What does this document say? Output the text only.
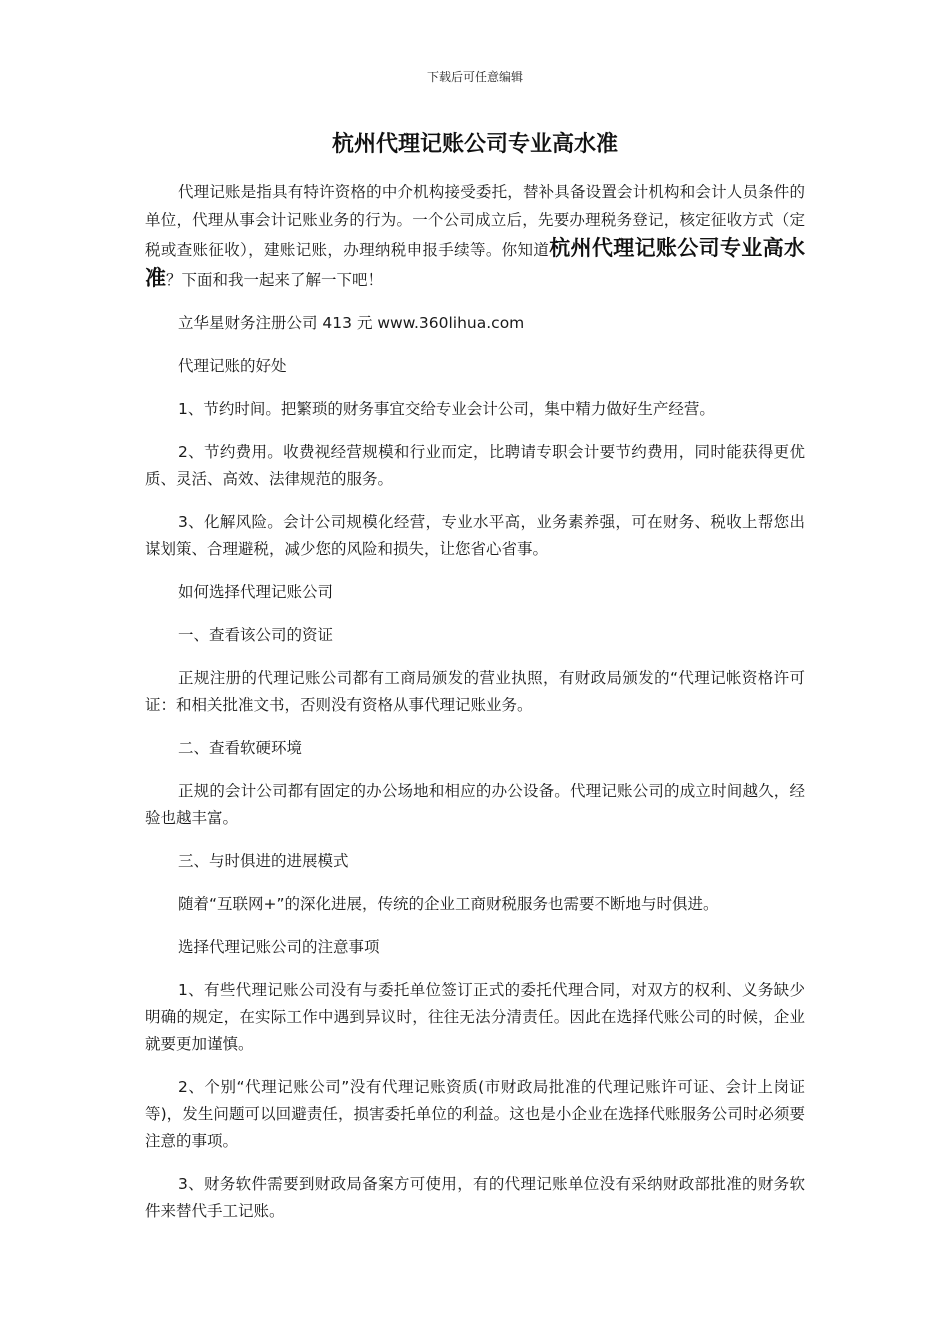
下载后可任意编辑
杭州代理记账公司专业高水准

代理记账是指具有特许资格的中介机构接受委托，替补具备设置会计机构和会计人员条件的单位，代理从事会计记账业务的行为。一个公司成立后，先要办理税务登记，核定征收方式（定税或查账征收），建账记账，办理纳税申报手续等。你知道杭州代理记账公司专业高水准？下面和我一起来了解一下吧！

立华星财务注册公司 413 元 www.360lihua.com

代理记账的好处

1、节约时间。把繁琐的财务事宜交给专业会计公司，集中精力做好生产经营。

2、节约费用。收费视经营规模和行业而定，比聘请专职会计要节约费用，同时能获得更优质、灵活、高效、法律规范的服务。

3、化解风险。会计公司规模化经营，专业水平高，业务素养强，可在财务、税收上帮您出谋划策、合理避税，减少您的风险和损失，让您省心省事。

如何选择代理记账公司

一、查看该公司的资证

正规注册的代理记账公司都有工商局颁发的营业执照，有财政局颁发的“代理记帐资格许可证：和相关批准文书，否则没有资格从事代理记账业务。

二、查看软硬环境

正规的会计公司都有固定的办公场地和相应的办公设备。代理记账公司的成立时间越久，经验也越丰富。

三、与时俱进的进展模式

随着“互联网+”的深化进展，传统的企业工商财税服务也需要不断地与时俱进。

选择代理记账公司的注意事项

1、有些代理记账公司没有与委托单位签订正式的委托代理合同，对双方的权利、义务缺少明确的规定，在实际工作中遇到异议时，往往无法分清责任。因此在选择代账公司的时候，企业就要更加谨慎。

2、个别“代理记账公司”没有代理记账资质(市财政局批准的代理记账许可证、会计上岗证等)，发生问题可以回避责任，损害委托单位的利益。这也是小企业在选择代账服务公司时必须要注意的事项。

3、财务软件需要到财政局备案方可使用，有的代理记账单位没有采纳财政部批准的财务软件来替代手工记账。
